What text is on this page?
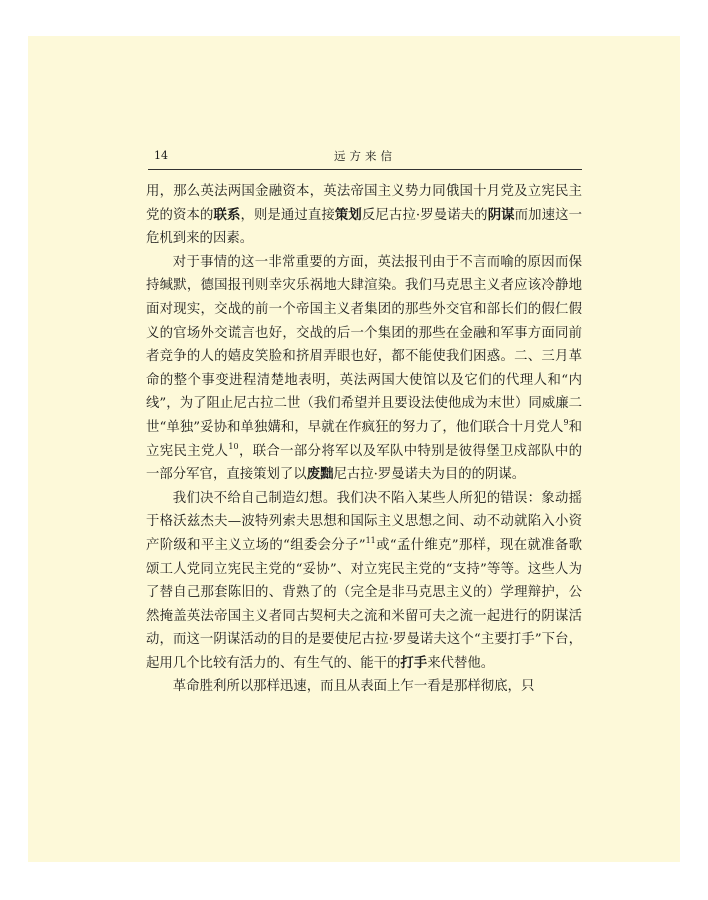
14	远方来信

用，那么英法两国金融资本，英法帝国主义势力同俄国十月党及立宪民主党的资本的联系，则是通过直接策划反尼古拉·罗曼诺夫的阴谋而加速这一危机到来的因素。

对于事情的这一非常重要的方面，英法报刊由于不言而喻的原因而保持缄默，德国报刊则幸灾乐祸地大肆渲染。我们马克思主义者应该冷静地面对现实，交战的前一个帝国主义者集团的那些外交官和部长们的假仁假义的官场外交谎言也好，交战的后一个集团的那些在金融和军事方面同前者竞争的人的嬉皮笑脸和挤眉弄眼也好，都不能使我们困惑。二、三月革命的整个事变进程清楚地表明，英法两国大使馆以及它们的代理人和“内线”，为了阻止尼古拉二世（我们希望并且要设法使他成为末世）同威廉二世“单独”妥协和单独媾和，早就在作疯狂的努力了，他们联合十月党人$^9$和立宪民主党人$^{10}$，联合一部分将军以及军队中特别是彼得堡卫戍部队中的一部分军官，直接策划了以废黜尼古拉·罗曼诺夫为目的的阴谋。

我们决不给自己制造幻想。我们决不陷入某些人所犯的错误：象动摇于格沃兹杰夫—波特列索夫思想和国际主义思想之间、动不动就陷入小资产阶级和平主义立场的“组委会分子”$^{11}$或“孟什维克”那样，现在就准备歌颂工人党同立宪民主党的“妥协”、对立宪民主党的“支持”等等。这些人为了替自己那套陈旧的、背熟了的（完全是非马克思主义的）学理辩护，公然掩盖英法帝国主义者同古契柯夫之流和米留可夫之流一起进行的阴谋活动，而这一阴谋活动的目的是要使尼古拉·罗曼诺夫这个“主要打手”下台，起用几个比较有活力的、有生气的、能干的打手来代替他。

革命胜利所以那样迅速，而且从表面上乍一看是那样彻底，只
